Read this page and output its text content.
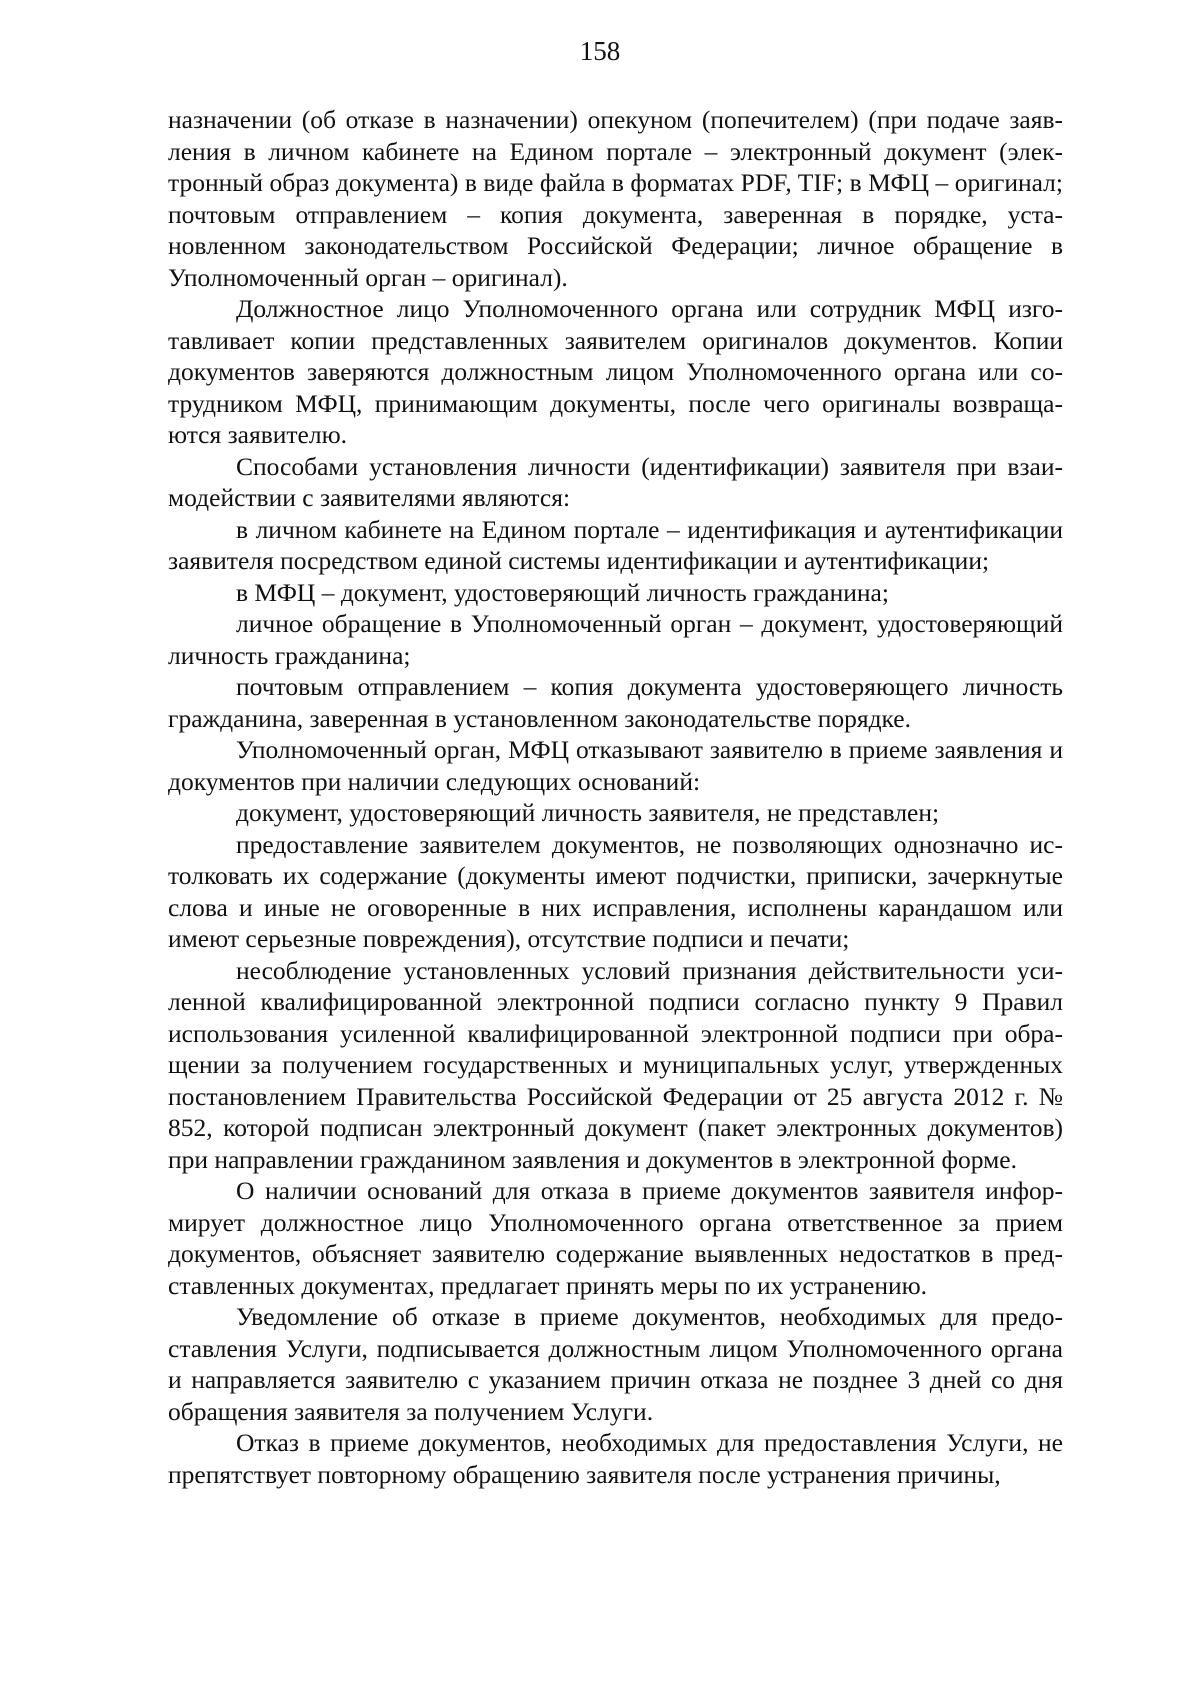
158

назначении (об отказе в назначении) опекуном (попечителем) (при подаче заявления в личном кабинете на Едином портале – электронный документ (электронный образ документа) в виде файла в форматах PDF, TIF; в МФЦ – оригинал; почтовым отправлением – копия документа, заверенная в порядке, установленном законодательством Российской Федерации; личное обращение в Уполномоченный орган – оригинал).

Должностное лицо Уполномоченного органа или сотрудник МФЦ изготавливает копии представленных заявителем оригиналов документов. Копии документов заверяются должностным лицом Уполномоченного органа или сотрудником МФЦ, принимающим документы, после чего оригиналы возвращаются заявителю.

Способами установления личности (идентификации) заявителя при взаимодействии с заявителями являются:

в личном кабинете на Едином портале – идентификация и аутентификации заявителя посредством единой системы идентификации и аутентификации;

в МФЦ – документ, удостоверяющий личность гражданина;

личное обращение в Уполномоченный орган – документ, удостоверяющий личность гражданина;

почтовым отправлением – копия документа удостоверяющего личность гражданина, заверенная в установленном законодательстве порядке.

Уполномоченный орган, МФЦ отказывают заявителю в приеме заявления и документов при наличии следующих оснований:

документ, удостоверяющий личность заявителя, не представлен;

предоставление заявителем документов, не позволяющих однозначно истолковать их содержание (документы имеют подчистки, приписки, зачеркнутые слова и иные не оговоренные в них исправления, исполнены карандашом или имеют серьезные повреждения), отсутствие подписи и печати;

несоблюдение установленных условий признания действительности усиленной квалифицированной электронной подписи согласно пункту 9 Правил использования усиленной квалифицированной электронной подписи при обращении за получением государственных и муниципальных услуг, утвержденных постановлением Правительства Российской Федерации от 25 августа 2012 г. № 852, которой подписан электронный документ (пакет электронных документов) при направлении гражданином заявления и документов в электронной форме.

О наличии оснований для отказа в приеме документов заявителя информирует должностное лицо Уполномоченного органа ответственное за прием документов, объясняет заявителю содержание выявленных недостатков в представленных документах, предлагает принять меры по их устранению.

Уведомление об отказе в приеме документов, необходимых для предоставления Услуги, подписывается должностным лицом Уполномоченного органа и направляется заявителю с указанием причин отказа не позднее 3 дней со дня обращения заявителя за получением Услуги.

Отказ в приеме документов, необходимых для предоставления Услуги, не препятствует повторному обращению заявителя после устранения причины,
